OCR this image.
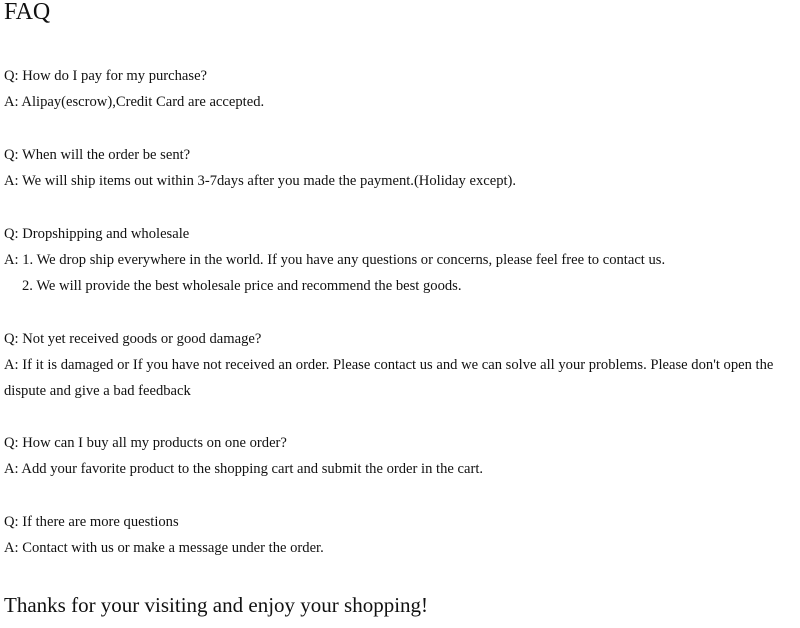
FAQ
Q: How do I pay for my purchase?
A: Alipay(escrow),Credit Card are accepted.
Q: When will the order be sent?
A: We will ship items out within 3-7days after you made the payment.(Holiday except).
Q: Dropshipping and wholesale
A: 1. We drop ship everywhere in the world. If you have any questions or concerns, please feel free to contact us.
2. We will provide the best wholesale price and recommend the best goods.
Q: Not yet received goods or good damage?
A: If it is damaged or If you have not received an order. Please contact us and we can solve all your problems. Please don't open the
dispute and give a bad feedback
Q: How can I buy all my products on one order?
A: Add your favorite product to the shopping cart and submit the order in the cart.
Q: If there are more questions
A: Contact with us or make a message under the order.
Thanks for your visiting and enjoy your shopping!
